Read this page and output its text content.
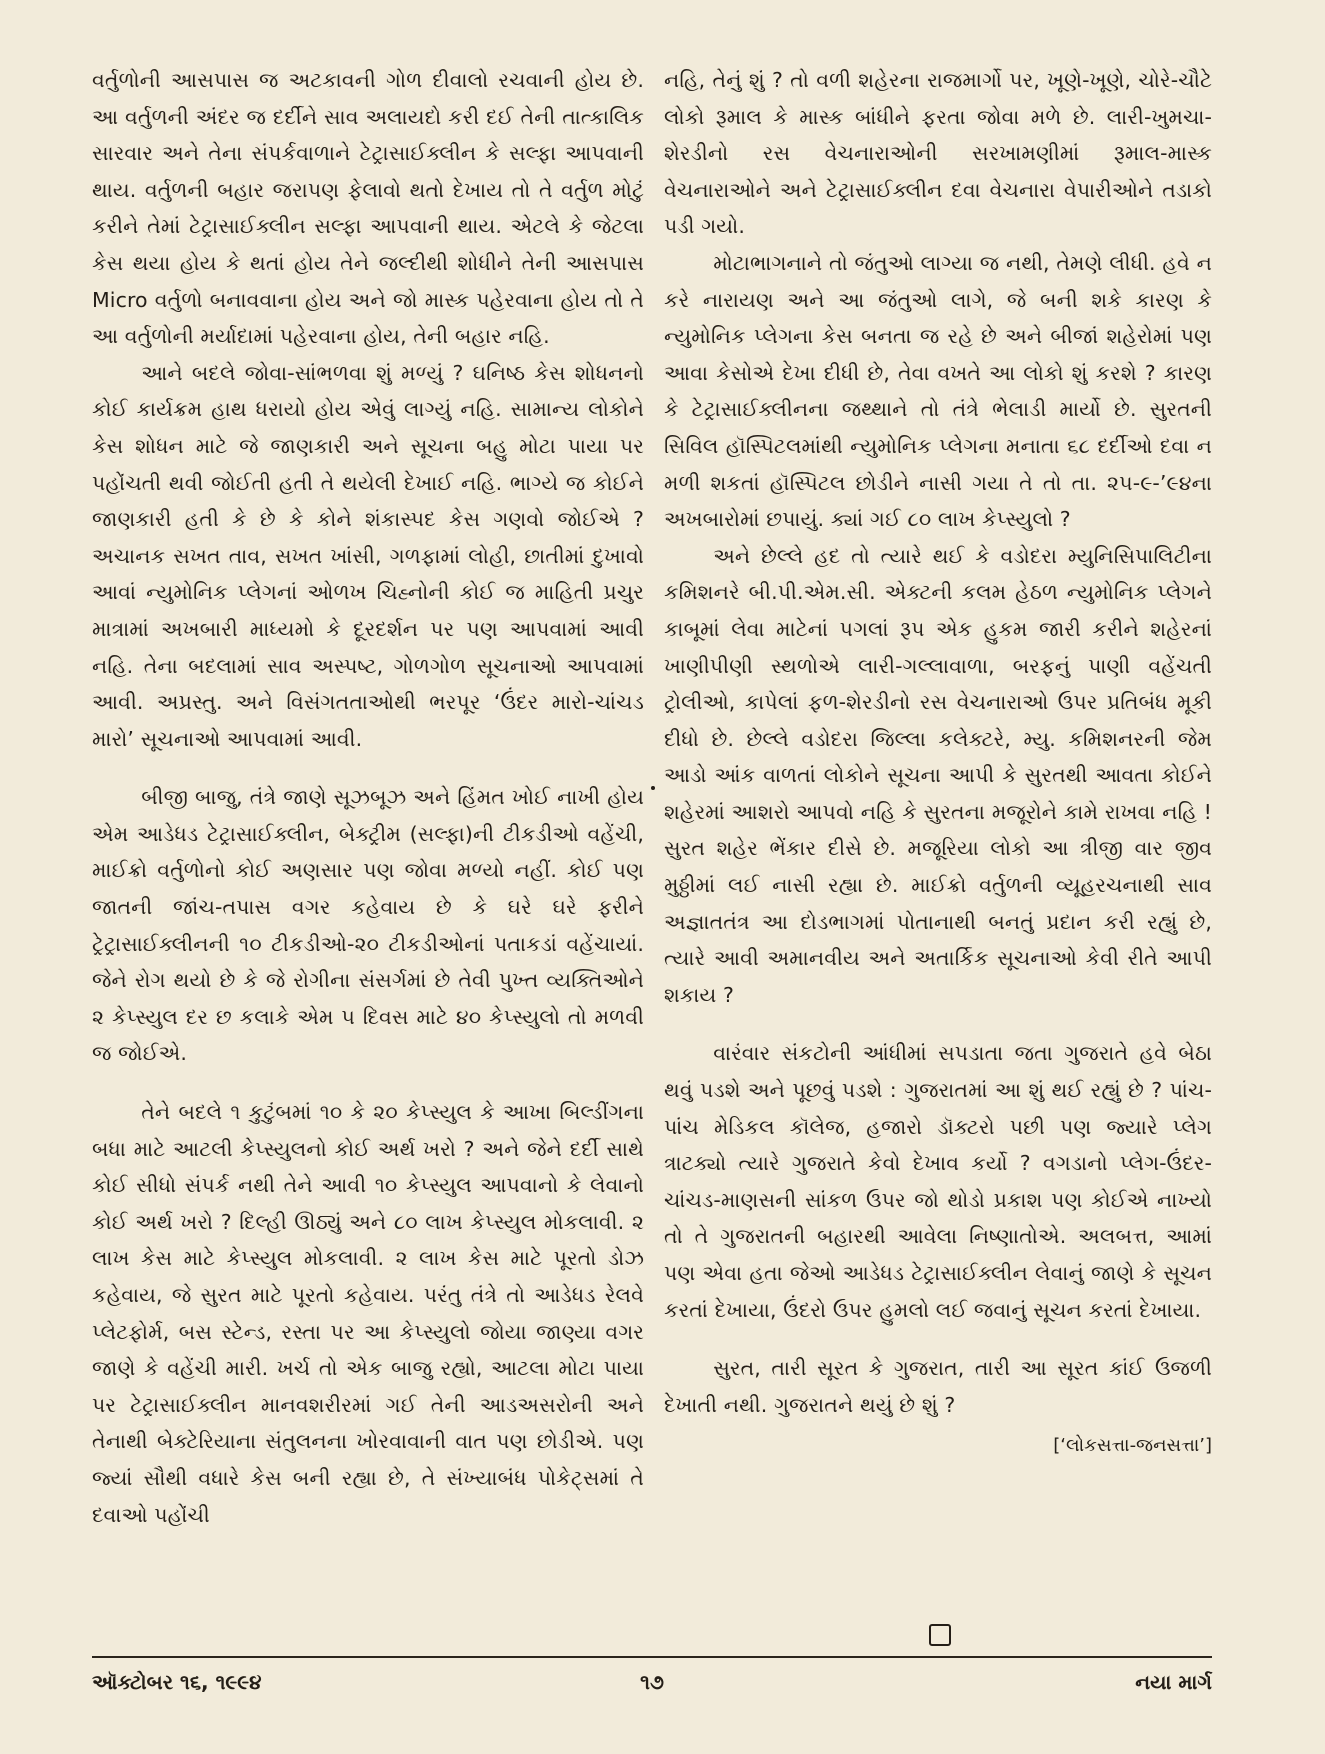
વર્તુળોની આસપાસ જ અટકાવની ગોળ દીવાલો રચવાની હોય છે. આ વર્તુળની અંદર જ દર્દીને સાવ અલાયદો કરી દઈ તેની તાત્કાલિક સારવાર અને તેના સંપર્કવાળાને ટેટ્રાસાઈક્લીન કે સલ્ફા આપવાની થાય. વર્તુળની બહાર જરાપણ ફેલાવો થતો દેખાય તો તે વર્તુળ મોટું કરીને તેમાં ટેટ્રાસાઈક્લીન સલ્ફા આપવાની થાય. એટલે કે જેટલા કેસ થયા હોય કે થતાં હોય તેને જલ્દીથી શોધીને તેની આસપાસ Micro વર્તુળો બનાવવાના હોય અને જો માસ્ક પહેરવાના હોય તો તે આ વર્તુળોની મર્યાદામાં પહેરવાના હોય, તેની બહાર નહિ.

આને બદલે જોવા-સાંભળવા શું મળ્યું ? ઘનિષ્ઠ કેસ શોધનનો કોઈ કાર્યક્રમ હાથ ધરાયો હોય એવું લાગ્યું નહિ. સામાન્ય લોકોને કેસ શોધન માટે જે જાણકારી અને સૂચના બહુ મોટા પાયા પર પહોંચતી થવી જોઈતી હતી તે થયેલી દેખાઈ નહિ. ભાગ્યે જ કોઈને જાણકારી હતી કે છે કે કોને શંકાસ્પદ કેસ ગણવો જોઈએ ? અચાનક સખત તાવ, સખત ખાંસી, ગળફામાં લોહી, છાતીમાં દુખાવો આવાં ન્યુમોનિક પ્લેગનાં ઓળખ ચિહ્નોની કોઈ જ માહિતી પ્રચુર માત્રામાં અખબારી માધ્યમો કે દૂરદર્શન પર પણ આપવામાં આવી નહિ. તેના બદલામાં સાવ અસ્પષ્ટ, ગોળગોળ સૂચનાઓ આપવામાં આવી. અપ્રસ્તુ. અને વિસંગતતાઓથી ભરપૂર ‘ઉંદર મારો-ચાંચડ મારો’ સૂચનાઓ આપવામાં આવી.

બીજી બાજુ, તંત્રે જાણે સૂઝબૂઝ અને હિંમત ખોઈ નાખી હોય એમ આડેધડ ટેટ્રાસાઈક્લીન, બેક્ટ્રીમ (સલ્ફા)ની ટીકડીઓ વહેંચી, માઈક્રો વર્તુળોનો કોઈ અણસાર પણ જોવા મળ્યો નહીં. કોઈ પણ જાતની જાંચ-તપાસ વગર કહેવાય છે કે ઘરે ઘરે ફરીને ટ્રેટ્રાસાઈક્લીનની ૧૦ ટીકડીઓ-૨૦ ટીકડીઓનાં પતાકડાં વહેંચાયાં. જેને રોગ થયો છે કે જે રોગીના સંસર્ગમાં છે તેવી પુખ્ત વ્યક્તિઓને ૨ કેપ્સ્યુલ દર છ કલાકે એમ ૫ દિવસ માટે ૪૦ કેપ્સ્યુલો તો મળવી જ જોઈએ.

તેને બદલે ૧ કુટુંબમાં ૧૦ કે ૨૦ કેપ્સ્યુલ કે આખા બિલ્ડીંગના બધા માટે આટલી કેપ્સ્યુલનો કોઈ અર્થ ખરો ? અને જેને દર્દી સાથે કોઈ સીધો સંપર્ક નથી તેને આવી ૧૦ કેપ્સ્યુલ આપવાનો કે લેવાનો કોઈ અર્થ ખરો ? દિલ્હી ઊઠ્યું અને ૮૦ લાખ કેપ્સ્યુલ મોકલાવી. ૨ લાખ કેસ માટે કેપ્સ્યુલ મોકલાવી. ૨ લાખ કેસ માટે પૂરતો ડોઝ કહેવાય, જે સુરત માટે પૂરતો કહેવાય. પરંતુ તંત્રે તો આડેધડ રેલવે પ્લેટફોર્મ, બસ સ્ટેન્ડ, રસ્તા પર આ કેપ્સ્યુલો જોયા જાણ્યા વગર જાણે કે વહેંચી મારી. ખર્ચ તો એક બાજુ રહ્યો, આટલા મોટા પાયા પર ટેટ્રાસાઈક્લીન માનવશરીરમાં ગઈ તેની આડઅસરોની અને તેનાથી બેક્ટેરિયાના સંતુલનના ખોરવાવાની વાત પણ છોડીએ. પણ જ્યાં સૌથી વધારે કેસ બની રહ્યા છે, તે સંખ્યાબંધ પોકેટ્સમાં તે દવાઓ પહોંચી

નહિ, તેનું શું ? તો વળી શહેરના રાજમાર્ગો પર, ખૂણે-ખૂણે, ચોરે-ચૌટે લોકો રૂમાલ કે માસ્ક બાંધીને ફરતા જોવા મળે છે. લારી-ખુમચા-શેરડીનો રસ વેચનારાઓની સરખામણીમાં રૂમાલ-માસ્ક વેચનારાઓને અને ટેટ્રાસાઈક્લીન દવા વેચનારા વેપારીઓને તડાકો પડી ગયો.

મોટાભાગનાને તો જંતુઓ લાગ્યા જ નથી, તેમણે લીધી. હવે ન કરે નારાયણ અને આ જંતુઓ લાગે, જે બની શકે કારણ કે ન્યુમોનિક પ્લેગના કેસ બનતા જ રહે છે અને બીજાં શહેરોમાં પણ આવા કેસોએ દેખા દીધી છે, તેવા વખતે આ લોકો શું કરશે ? કારણ કે ટેટ્રાસાઈક્લીનના જથ્થાને તો તંત્રે ભેલાડી માર્યો છે. સુરતની સિવિલ હૉસ્પિટલમાંથી ન્યુમોનિક પ્લેગના મનાતા ૬૮ દર્દીઓ દવા ન મળી શકતાં હૉસ્પિટલ છોડીને નાસી ગયા તે તો તા. ૨૫-૯-’૯૪ના અખબારોમાં છપાયું. ક્યાં ગઈ ૮૦ લાખ કેપ્સ્યુલો ?

અને છેલ્લે હદ તો ત્યારે થઈ કે વડોદરા મ્યુનિસિપાલિટીના કમિશનરે બી.પી.એમ.સી. એક્ટની કલમ હેઠળ ન્યુમોનિક પ્લેગને કાબૂમાં લેવા માટેનાં પગલાં રૂપ એક હુકમ જારી કરીને શહેરનાં ખાણીપીણી સ્થળોએ લારી-ગલ્લાવાળા, બરફનું પાણી વહેંચતી ટ્રોલીઓ, કાપેલાં ફળ-શેરડીનો રસ વેચનારાઓ ઉપર પ્રતિબંધ મૂકી દીધો છે. છેલ્લે વડોદરા જિલ્લા કલેક્ટરે, મ્યુ. કમિશનરની જેમ આડો આંક વાળતાં લોકોને સૂચના આપી કે સુરતથી આવતા કોઈને શહેરમાં આશરો આપવો નહિ કે સુરતના મજૂરોને કામે રાખવા નહિ ! સુરત શહેર ભેંકાર દીસે છે. મજૂરિયા લોકો આ ત્રીજી વાર જીવ મુઠ્ઠીમાં લઈ નાસી રહ્યા છે. માઈક્રો વર્તુળની વ્યૂહરચનાથી સાવ અજ્ઞાતતંત્ર આ દોડભાગમાં પોતાનાથી બનતું પ્રદાન કરી રહ્યું છે, ત્યારે આવી અમાનવીય અને અતાર્કિક સૂચનાઓ કેવી રીતે આપી શકાય ?

વારંવાર સંકટોની આંધીમાં સપડાતા જતા ગુજરાતે હવે બેઠા થવું પડશે અને પૂછવું પડશે : ગુજરાતમાં આ શું થઈ રહ્યું છે ? પાંચ-પાંચ મેડિકલ કૉલેજ, હજારો ડૉક્ટરો પછી પણ જ્યારે પ્લેગ ત્રાટક્યો ત્યારે ગુજરાતે કેવો દેખાવ કર્યો ? વગડાનો પ્લેગ-ઉંદર-ચાંચડ-માણસની સાંકળ ઉપર જો થોડો પ્રકાશ પણ કોઈએ નાખ્યો તો તે ગુજરાતની બહારથી આવેલા નિષ્ણાતોએ. અલબત્ત, આમાં પણ એવા હતા જેઓ આડેધડ ટેટ્રાસાઈક્લીન લેવાનું જાણે કે સૂચન કરતાં દેખાયા, ઉંદરો ઉપર હુમલો લઈ જવાનું સૂચન કરતાં દેખાયા.

સુરત, તારી સૂરત કે ગુજરાત, તારી આ સૂરત કાંઈ ઉજળી દેખાતી નથી. ગુજરાતને થયું છે શું ?

[‘લોકસત્તા-જનસત્તા’]
ઑક્ટોબર ૧૬, ૧૯૯૪	૧૭	નયા માર્ગ
